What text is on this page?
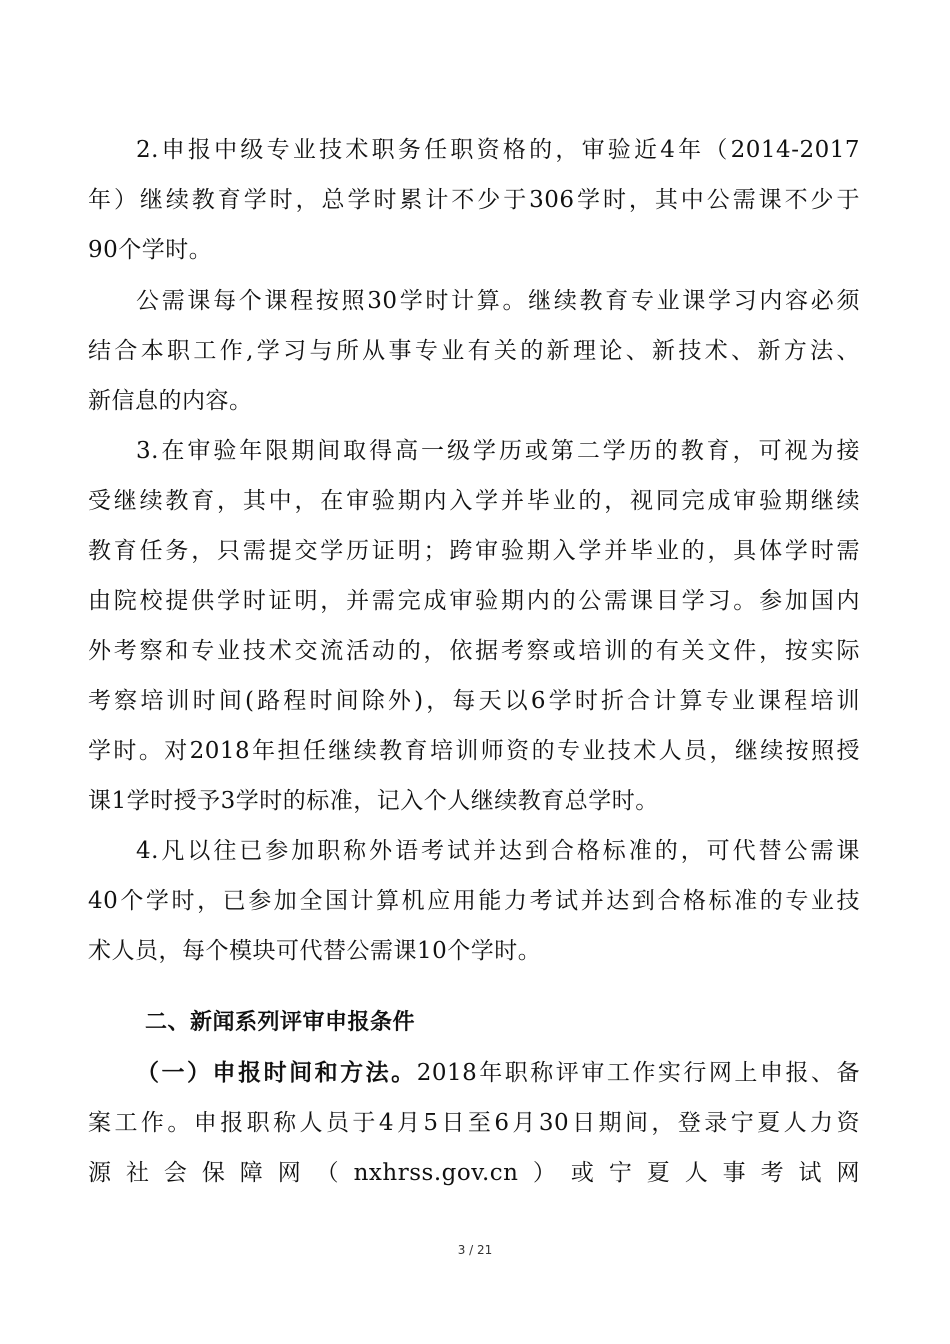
2.申报中级专业技术职务任职资格的，审验近4年（2014-2017
年）继续教育学时，总学时累计不少于306学时，其中公需课不少于
90个学时。
公需课每个课程按照30学时计算。继续教育专业课学习内容必须
结合本职工作,学习与所从事专业有关的新理论、新技术、新方法、
新信息的内容。
3.在审验年限期间取得高一级学历或第二学历的教育，可视为接
受继续教育，其中，在审验期内入学并毕业的，视同完成审验期继续
教育任务，只需提交学历证明；跨审验期入学并毕业的，具体学时需
由院校提供学时证明，并需完成审验期内的公需课目学习。参加国内
外考察和专业技术交流活动的，依据考察或培训的有关文件，按实际
考察培训时间(路程时间除外)，每天以6学时折合计算专业课程培训
学时。对2018年担任继续教育培训师资的专业技术人员，继续按照授
课1学时授予3学时的标准，记入个人继续教育总学时。
4.凡以往已参加职称外语考试并达到合格标准的，可代替公需课
40个学时，已参加全国计算机应用能力考试并达到合格标准的专业技
术人员，每个模块可代替公需课10个学时。
二、新闻系列评审申报条件
（一）申报时间和方法。2018年职称评审工作实行网上申报、备
案工作。申报职称人员于4月5日至6月30日期间，登录宁夏人力资
源社会保障网（nxhrss.gov.cn）或宁夏人事考试网
3 / 21
